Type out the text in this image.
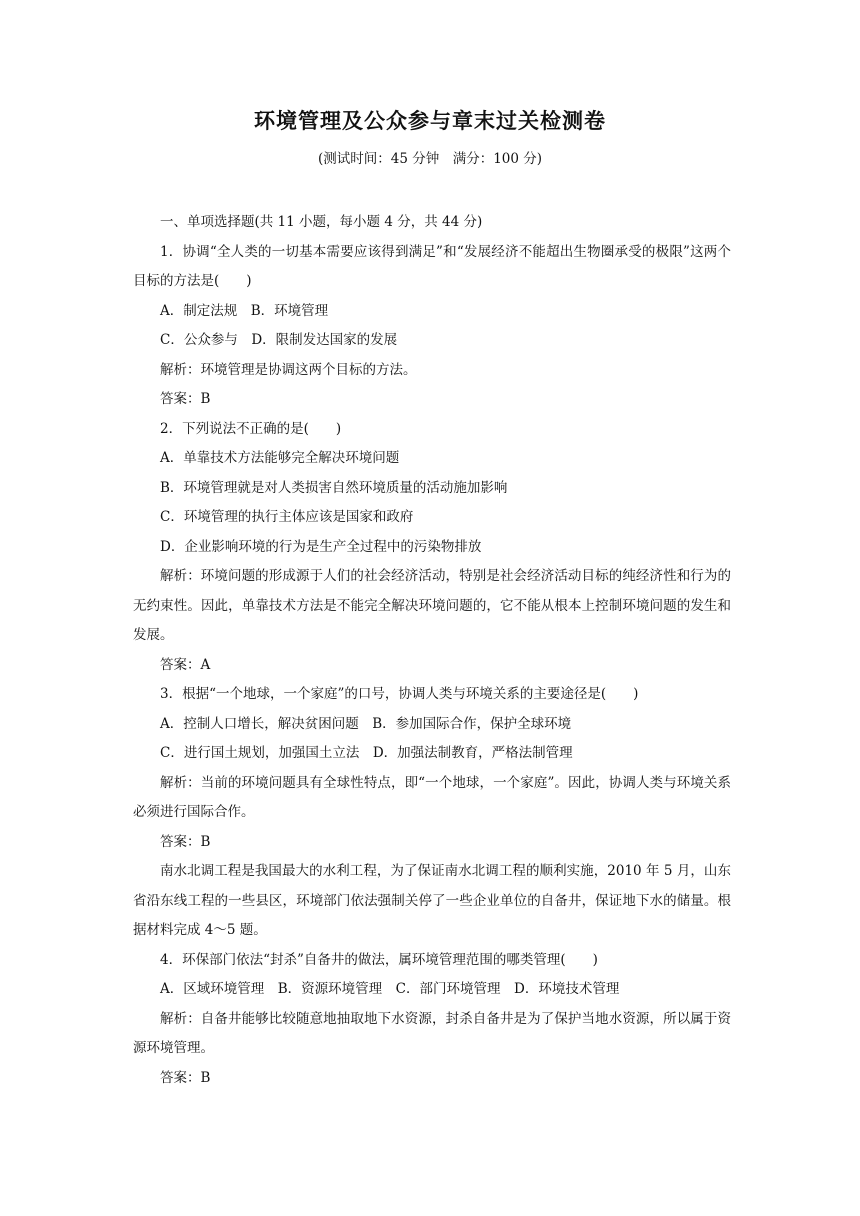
环境管理及公众参与章末过关检测卷
(测试时间：45 分钟　满分：100 分)

一、单项选择题(共 11 小题，每小题 4 分，共 44 分)

1．协调“全人类的一切基本需要应该得到满足”和“发展经济不能超出生物圈承受的极限”这两个目标的方法是(　　)

A．制定法规　B．环境管理

C．公众参与　D．限制发达国家的发展

解析：环境管理是协调这两个目标的方法。

答案：B

2．下列说法不正确的是(　　)

A．单靠技术方法能够完全解决环境问题

B．环境管理就是对人类损害自然环境质量的活动施加影响

C．环境管理的执行主体应该是国家和政府

D．企业影响环境的行为是生产全过程中的污染物排放

解析：环境问题的形成源于人们的社会经济活动，特别是社会经济活动目标的纯经济性和行为的无约束性。因此，单靠技术方法是不能完全解决环境问题的，它不能从根本上控制环境问题的发生和发展。

答案：A

3．根据“一个地球，一个家庭”的口号，协调人类与环境关系的主要途径是(　　)

A．控制人口增长，解决贫困问题　B．参加国际合作，保护全球环境

C．进行国土规划，加强国土立法　D．加强法制教育，严格法制管理

解析：当前的环境问题具有全球性特点，即“一个地球，一个家庭”。因此，协调人类与环境关系必须进行国际合作。

答案：B

南水北调工程是我国最大的水利工程，为了保证南水北调工程的顺利实施，2010 年 5 月，山东省沿东线工程的一些县区，环境部门依法强制关停了一些企业单位的自备井，保证地下水的储量。根据材料完成 4～5 题。

4．环保部门依法“封杀”自备井的做法，属环境管理范围的哪类管理(　　)

A．区域环境管理　B．资源环境管理　C．部门环境管理　D．环境技术管理

解析：自备井能够比较随意地抽取地下水资源，封杀自备井是为了保护当地水资源，所以属于资源环境管理。

答案：B
